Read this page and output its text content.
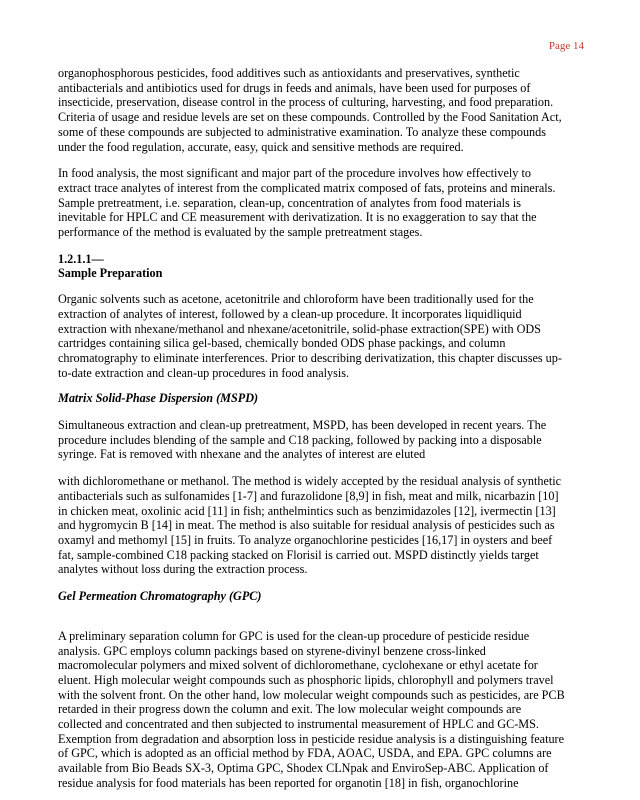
Page 14

organophosphorous pesticides, food additives such as antioxidants and preservatives, synthetic
antibacterials and antibiotics used for drugs in feeds and animals, have been used for purposes of
insecticide, preservation, disease control in the process of culturing, harvesting, and food preparation.
Criteria of usage and residue levels are set on these compounds. Controlled by the Food Sanitation Act,
some of these compounds are subjected to administrative examination. To analyze these compounds
under the food regulation, accurate, easy, quick and sensitive methods are required.

In food analysis, the most significant and major part of the procedure involves how effectively to
extract trace analytes of interest from the complicated matrix composed of fats, proteins and minerals.
Sample pretreatment, i.e. separation, clean-up, concentration of analytes from food materials is
inevitable for HPLC and CE measurement with derivatization. It is no exaggeration to say that the
performance of the method is evaluated by the sample pretreatment stages.

1.2.1.1—
Sample Preparation

Organic solvents such as acetone, acetonitrile and chloroform have been traditionally used for the
extraction of analytes of interest, followed by a clean-up procedure. It incorporates liquidliquid
extraction with nhexane/methanol and nhexane/acetonitrile, solid-phase extraction(SPE) with ODS
cartridges containing silica gel-based, chemically bonded ODS phase packings, and column
chromatography to eliminate interferences. Prior to describing derivatization, this chapter discusses up-
to-date extraction and clean-up procedures in food analysis.

Matrix Solid-Phase Dispersion (MSPD)

Simultaneous extraction and clean-up pretreatment, MSPD, has been developed in recent years. The
procedure includes blending of the sample and C18 packing, followed by packing into a disposable
syringe. Fat is removed with nhexane and the analytes of interest are eluted

with dichloromethane or methanol. The method is widely accepted by the residual analysis of synthetic
antibacterials such as sulfonamides [1-7] and furazolidone [8,9] in fish, meat and milk, nicarbazin [10]
in chicken meat, oxolinic acid [11] in fish; anthelmintics such as benzimidazoles [12], ivermectin [13]
and hygromycin B [14] in meat. The method is also suitable for residual analysis of pesticides such as
oxamyl and methomyl [15] in fruits. To analyze organochlorine pesticides [16,17] in oysters and beef
fat, sample-combined C18 packing stacked on Florisil is carried out. MSPD distinctly yields target
analytes without loss during the extraction process.

Gel Permeation Chromatography (GPC)

A preliminary separation column for GPC is used for the clean-up procedure of pesticide residue
analysis. GPC employs column packings based on styrene-divinyl benzene cross-linked
macromolecular polymers and mixed solvent of dichloromethane, cyclohexane or ethyl acetate for
eluent. High molecular weight compounds such as phosphoric lipids, chlorophyll and polymers travel
with the solvent front. On the other hand, low molecular weight compounds such as pesticides, are PCB
retarded in their progress down the column and exit. The low molecular weight compounds are
collected and concentrated and then subjected to instrumental measurement of HPLC and GC-MS.
Exemption from degradation and absorption loss in pesticide residue analysis is a distinguishing feature
of GPC, which is adopted as an official method by FDA, AOAC, USDA, and EPA. GPC columns are
available from Bio Beads SX-3, Optima GPC, Shodex CLNpak and EnviroSep-ABC. Application of
residue analysis for food materials has been reported for organotin [18] in fish, organochlorine
